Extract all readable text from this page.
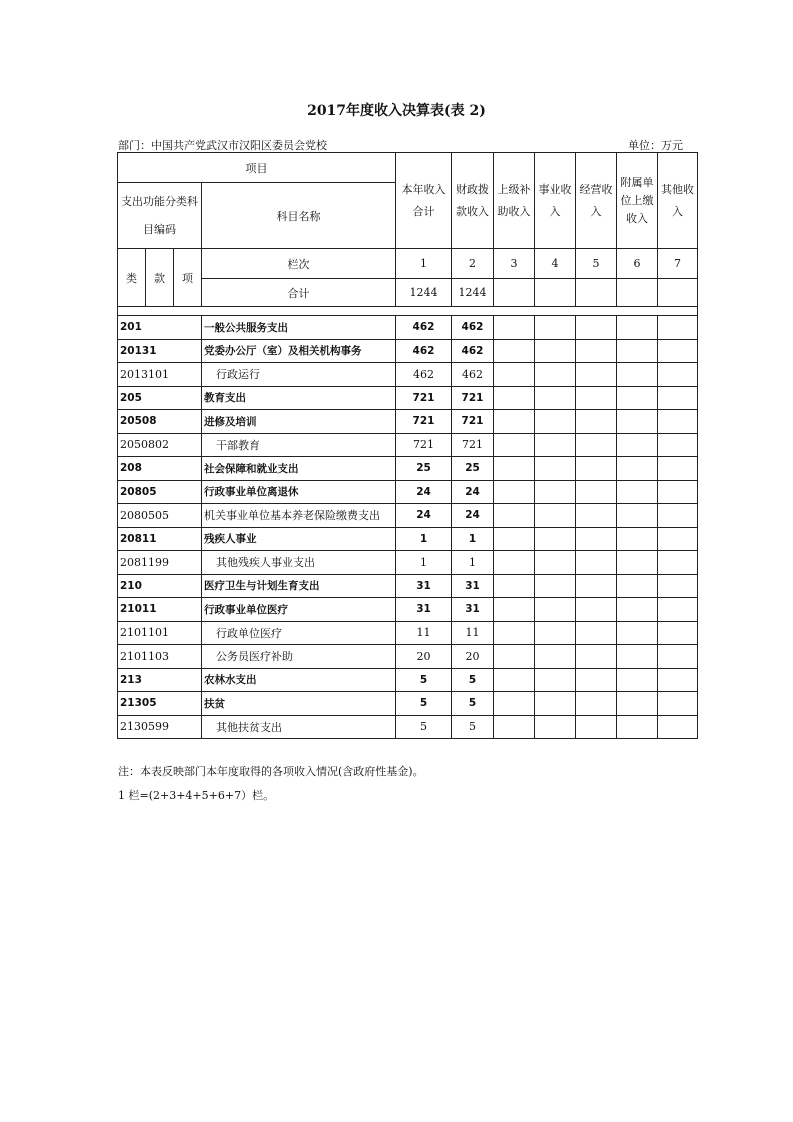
2017年度收入决算表(表 2)
部门：中国共产党武汉市汉阳区委员会党校	单位：万元
项目				本年收入合计	财政拨款收入	上级补助收入	事业收入	经营收入	附属单位上缴收入	其他收入
支出功能分类科目编码			科目名称							
类	款	项	栏次	1	2	3	4	5	6	7
			合计	1244	1244					

201			一般公共服务支出	462	462					
20131			党委办公厅（室）及相关机构事务	462	462					
2013101			行政运行	462	462					
205			教育支出	721	721					
20508			进修及培训	721	721					
2050802			干部教育	721	721					
208			社会保障和就业支出	25	25					
20805			行政事业单位离退休	24	24					
2080505			机关事业单位基本养老保险缴费支出	24	24					
20811			残疾人事业	1	1					
2081199			其他残疾人事业支出	1	1					
210			医疗卫生与计划生育支出	31	31					
21011			行政事业单位医疗	31	31					
2101101			行政单位医疗	11	11					
2101103			公务员医疗补助	20	20					
213			农林水支出	5	5					
21305			扶贫	5	5					
2130599			其他扶贫支出	5	5					
注：本表反映部门本年度取得的各项收入情况(含政府性基金)。
1 栏=(2+3+4+5+6+7）栏。
